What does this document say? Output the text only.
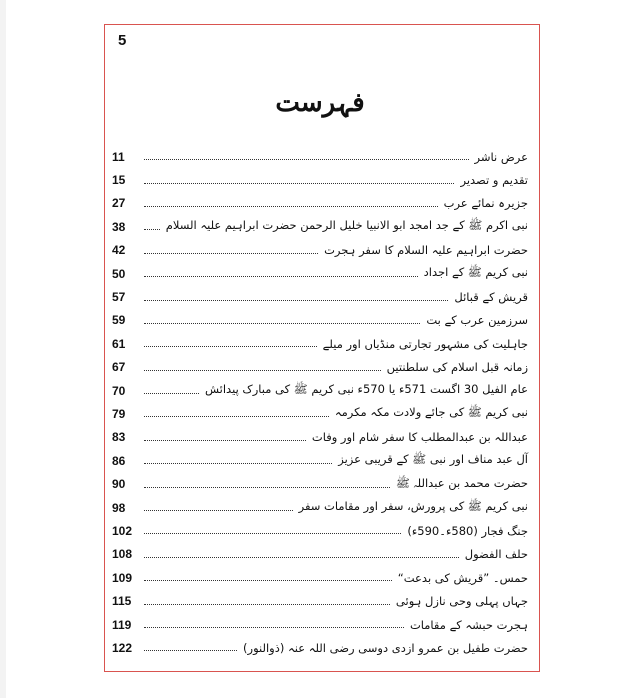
5
فہرست
11	عرض ناشر
15	تقدیم و تصدیر
27	جزیرہ نمائے عرب
38	نبی اکرم ﷺ کے جد امجد ابو الانبیا خلیل الرحمن حضرت ابراہیم علیہ السلام
42	حضرت ابراہیم علیہ السلام کا سفر ہجرت
50	نبی کریم ﷺ کے اجداد
57	قریش کے قبائل
59	سرزمین عرب کے بت
61	جاہلیت کی مشہور تجارتی منڈیاں اور میلے
67	زمانہ قبل اسلام کی سلطنتیں
70	عام الفیل 30 اگست 571ء یا 570ء نبی کریم ﷺ کی مبارک پیدائش
79	نبی کریم ﷺ کی جائے ولادت مکہ مکرمہ
83	عبداللہ بن عبدالمطلب کا سفر شام اور وفات
86	آل عبد مناف اور نبی ﷺ کے قریبی عزیز
90	حضرت محمد بن عبداللہ ﷺ
98	نبی کریم ﷺ کی پرورش، سفر اور مقامات سفر
102	جنگ فجار (580ء۔590ء)
108	حلف الفضول
109	حمس۔ ”قریش کی بدعت“
115	جہاں پہلی وحی نازل ہوئی
119	ہجرت حبشہ کے مقامات
122	حضرت طفیل بن عمرو ازدی دوسی رضی اللہ عنہ (ذوالنور)
